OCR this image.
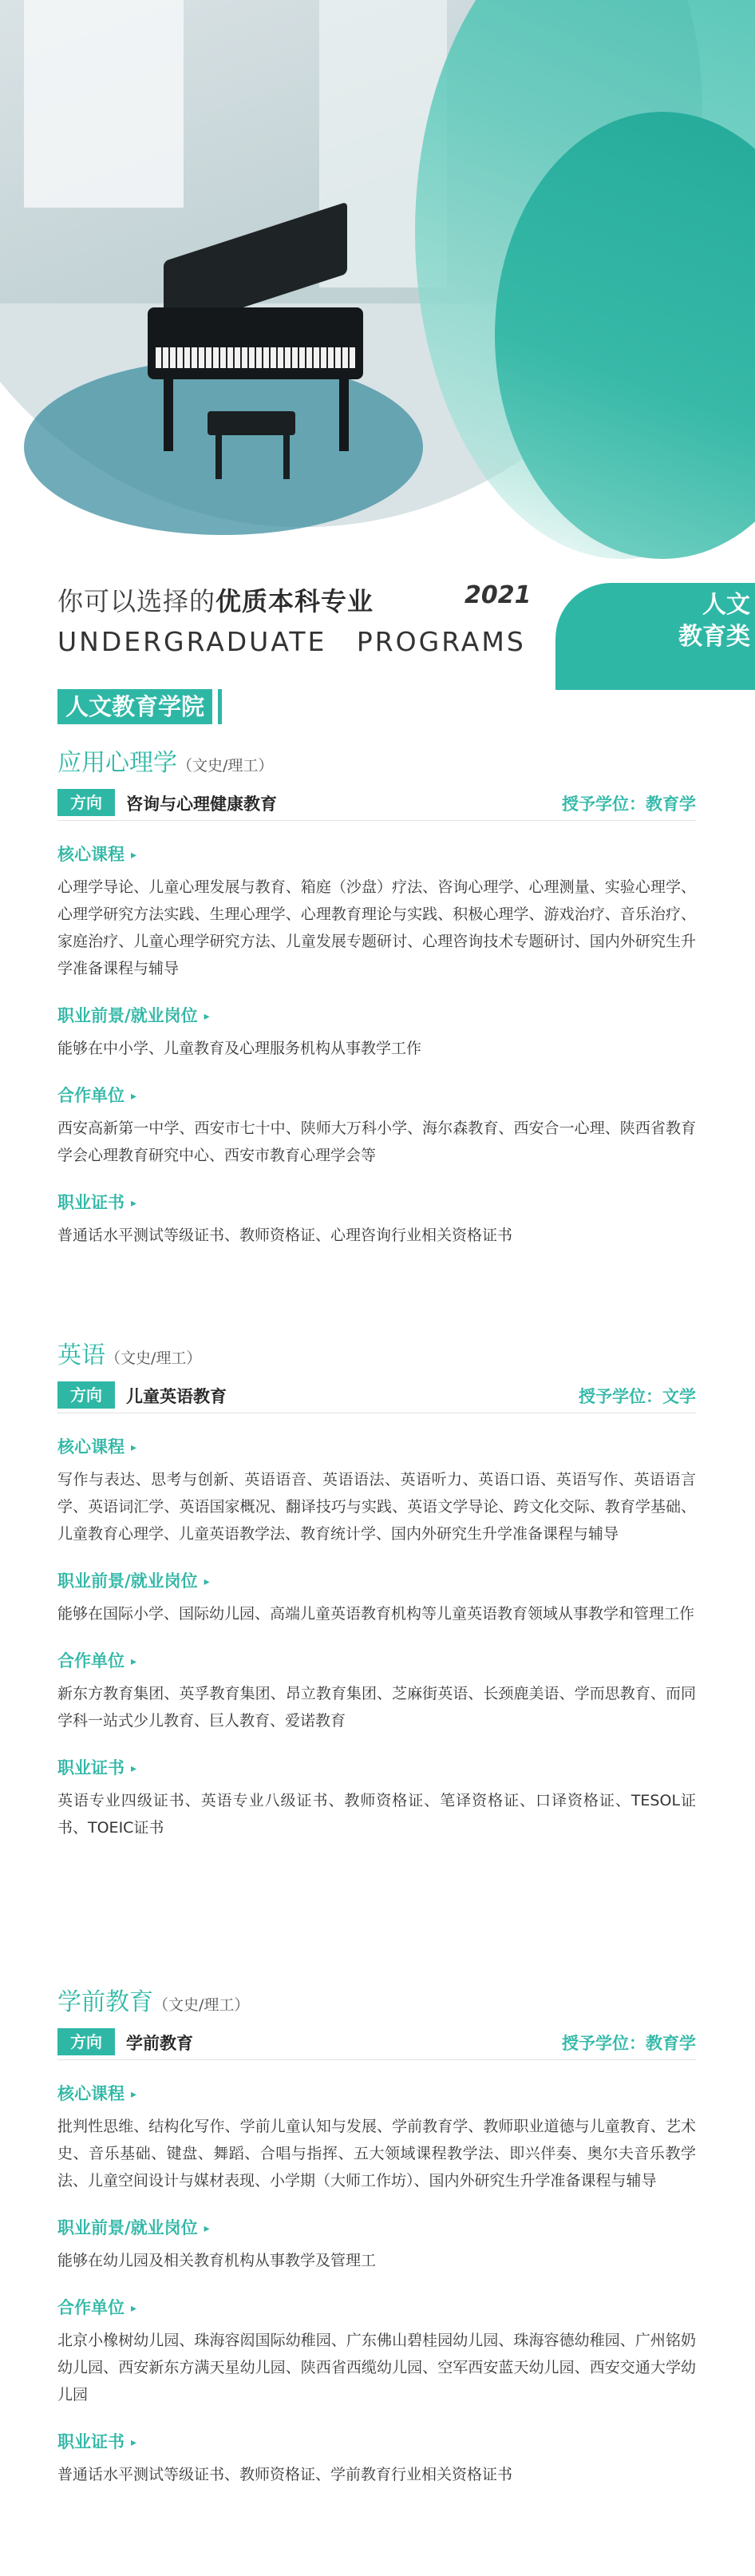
你可以选择的优质本科专业	2021
UNDERGRADUATE PROGRAMS
人文
教育类
人文教育学院
应用心理学（文史/理工）
方向	咨询与心理健康教育	授予学位：教育学
核心课程 ▸
心理学导论、儿童心理发展与教育、箱庭（沙盘）疗法、咨询心理学、心理测量、实验心理学、心理学研究方法实践、生理心理学、心理教育理论与实践、积极心理学、游戏治疗、音乐治疗、家庭治疗、儿童心理学研究方法、儿童发展专题研讨、心理咨询技术专题研讨、国内外研究生升学准备课程与辅导
职业前景/就业岗位 ▸
能够在中小学、儿童教育及心理服务机构从事教学工作
合作单位 ▸
西安高新第一中学、西安市七十中、陕师大万科小学、海尔森教育、西安合一心理、陕西省教育学会心理教育研究中心、西安市教育心理学会等
职业证书 ▸
普通话水平测试等级证书、教师资格证、心理咨询行业相关资格证书
英语（文史/理工）
方向	儿童英语教育	授予学位：文学
核心课程 ▸
写作与表达、思考与创新、英语语音、英语语法、英语听力、英语口语、英语写作、英语语言学、英语词汇学、英语国家概况、翻译技巧与实践、英语文学导论、跨文化交际、教育学基础、儿童教育心理学、儿童英语教学法、教育统计学、国内外研究生升学准备课程与辅导
职业前景/就业岗位 ▸
能够在国际小学、国际幼儿园、高端儿童英语教育机构等儿童英语教育领域从事教学和管理工作
合作单位 ▸
新东方教育集团、英孚教育集团、昂立教育集团、芝麻街英语、长颈鹿美语、学而思教育、而同学科一站式少儿教育、巨人教育、爱诺教育
职业证书 ▸
英语专业四级证书、英语专业八级证书、教师资格证、笔译资格证、口译资格证、TESOL证书、TOEIC证书
学前教育（文史/理工）
方向	学前教育	授予学位：教育学
核心课程 ▸
批判性思维、结构化写作、学前儿童认知与发展、学前教育学、教师职业道德与儿童教育、艺术史、音乐基础、键盘、舞蹈、合唱与指挥、五大领域课程教学法、即兴伴奏、奥尔夫音乐教学法、儿童空间设计与媒材表现、小学期（大师工作坊）、国内外研究生升学准备课程与辅导
职业前景/就业岗位 ▸
能够在幼儿园及相关教育机构从事教学及管理工
合作单位 ▸
北京小橡树幼儿园、珠海容闳国际幼稚园、广东佛山碧桂园幼儿园、珠海容德幼稚园、广州铭奶幼儿园、西安新东方满天星幼儿园、陕西省西缆幼儿园、空军西安蓝天幼儿园、西安交通大学幼儿园
职业证书 ▸
普通话水平测试等级证书、教师资格证、学前教育行业相关资格证书
